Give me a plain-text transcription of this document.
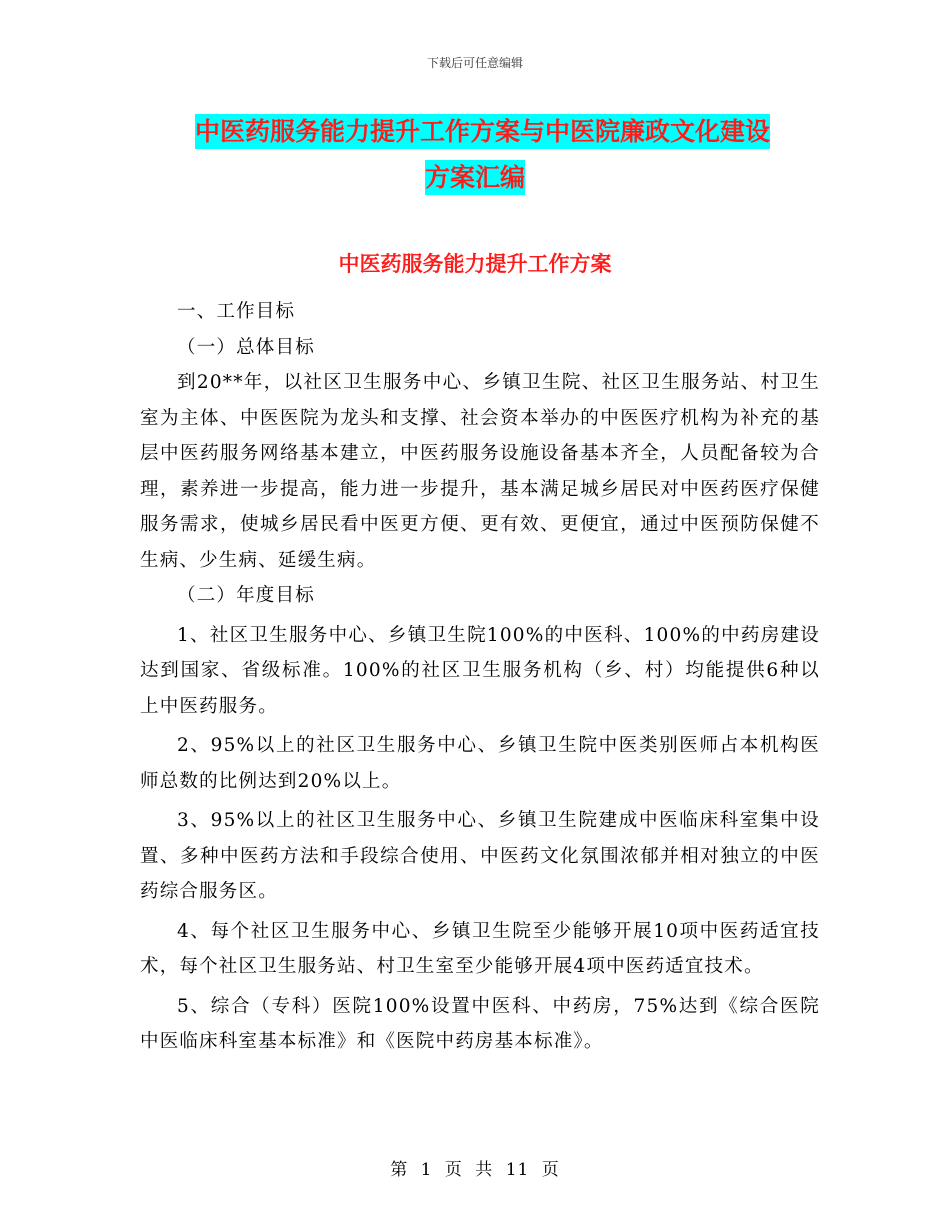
下载后可任意编辑
中医药服务能力提升工作方案与中医院廉政文化建设
方案汇编
中医药服务能力提升工作方案

一、工作目标

（一）总体目标

到20**年，以社区卫生服务中心、乡镇卫生院、社区卫生服务站、村卫生室为主体、中医医院为龙头和支撑、社会资本举办的中医医疗机构为补充的基层中医药服务网络基本建立，中医药服务设施设备基本齐全，人员配备较为合理，素养进一步提高，能力进一步提升，基本满足城乡居民对中医药医疗保健服务需求，使城乡居民看中医更方便、更有效、更便宜，通过中医预防保健不生病、少生病、延缓生病。

（二）年度目标

1、社区卫生服务中心、乡镇卫生院100%的中医科、100%的中药房建设达到国家、省级标准。100%的社区卫生服务机构（乡、村）均能提供6种以上中医药服务。

2、95%以上的社区卫生服务中心、乡镇卫生院中医类别医师占本机构医师总数的比例达到20%以上。

3、95%以上的社区卫生服务中心、乡镇卫生院建成中医临床科室集中设置、多种中医药方法和手段综合使用、中医药文化氛围浓郁并相对独立的中医药综合服务区。

4、每个社区卫生服务中心、乡镇卫生院至少能够开展10项中医药适宜技术，每个社区卫生服务站、村卫生室至少能够开展4项中医药适宜技术。

5、综合（专科）医院100%设置中医科、中药房，75%达到《综合医院中医临床科室基本标准》和《医院中药房基本标准》。

第 1 页 共 11 页
